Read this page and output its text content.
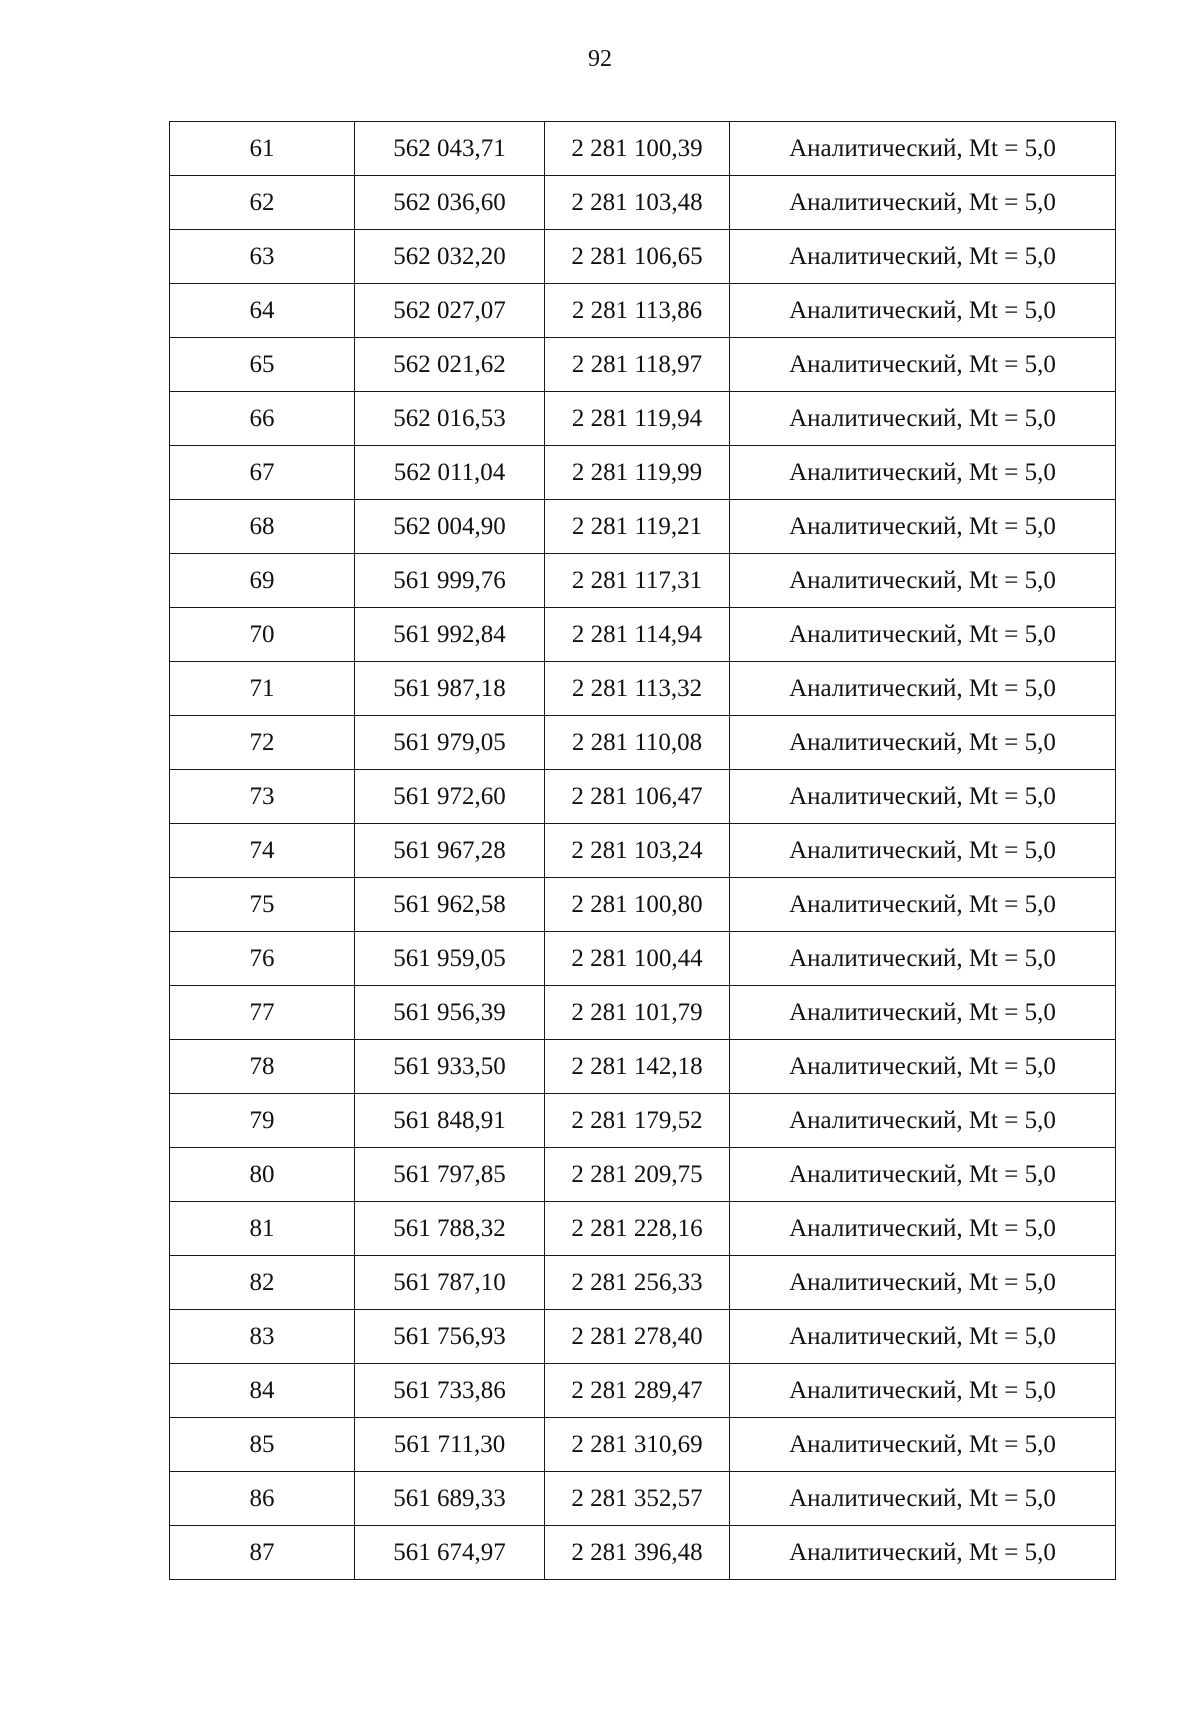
92
61	562 043,71	2 281 100,39	Аналитический, Mt = 5,0
62	562 036,60	2 281 103,48	Аналитический, Mt = 5,0
63	562 032,20	2 281 106,65	Аналитический, Mt = 5,0
64	562 027,07	2 281 113,86	Аналитический, Mt = 5,0
65	562 021,62	2 281 118,97	Аналитический, Mt = 5,0
66	562 016,53	2 281 119,94	Аналитический, Mt = 5,0
67	562 011,04	2 281 119,99	Аналитический, Mt = 5,0
68	562 004,90	2 281 119,21	Аналитический, Mt = 5,0
69	561 999,76	2 281 117,31	Аналитический, Mt = 5,0
70	561 992,84	2 281 114,94	Аналитический, Mt = 5,0
71	561 987,18	2 281 113,32	Аналитический, Mt = 5,0
72	561 979,05	2 281 110,08	Аналитический, Mt = 5,0
73	561 972,60	2 281 106,47	Аналитический, Mt = 5,0
74	561 967,28	2 281 103,24	Аналитический, Mt = 5,0
75	561 962,58	2 281 100,80	Аналитический, Mt = 5,0
76	561 959,05	2 281 100,44	Аналитический, Mt = 5,0
77	561 956,39	2 281 101,79	Аналитический, Mt = 5,0
78	561 933,50	2 281 142,18	Аналитический, Mt = 5,0
79	561 848,91	2 281 179,52	Аналитический, Mt = 5,0
80	561 797,85	2 281 209,75	Аналитический, Mt = 5,0
81	561 788,32	2 281 228,16	Аналитический, Mt = 5,0
82	561 787,10	2 281 256,33	Аналитический, Mt = 5,0
83	561 756,93	2 281 278,40	Аналитический, Mt = 5,0
84	561 733,86	2 281 289,47	Аналитический, Mt = 5,0
85	561 711,30	2 281 310,69	Аналитический, Mt = 5,0
86	561 689,33	2 281 352,57	Аналитический, Mt = 5,0
87	561 674,97	2 281 396,48	Аналитический, Mt = 5,0
